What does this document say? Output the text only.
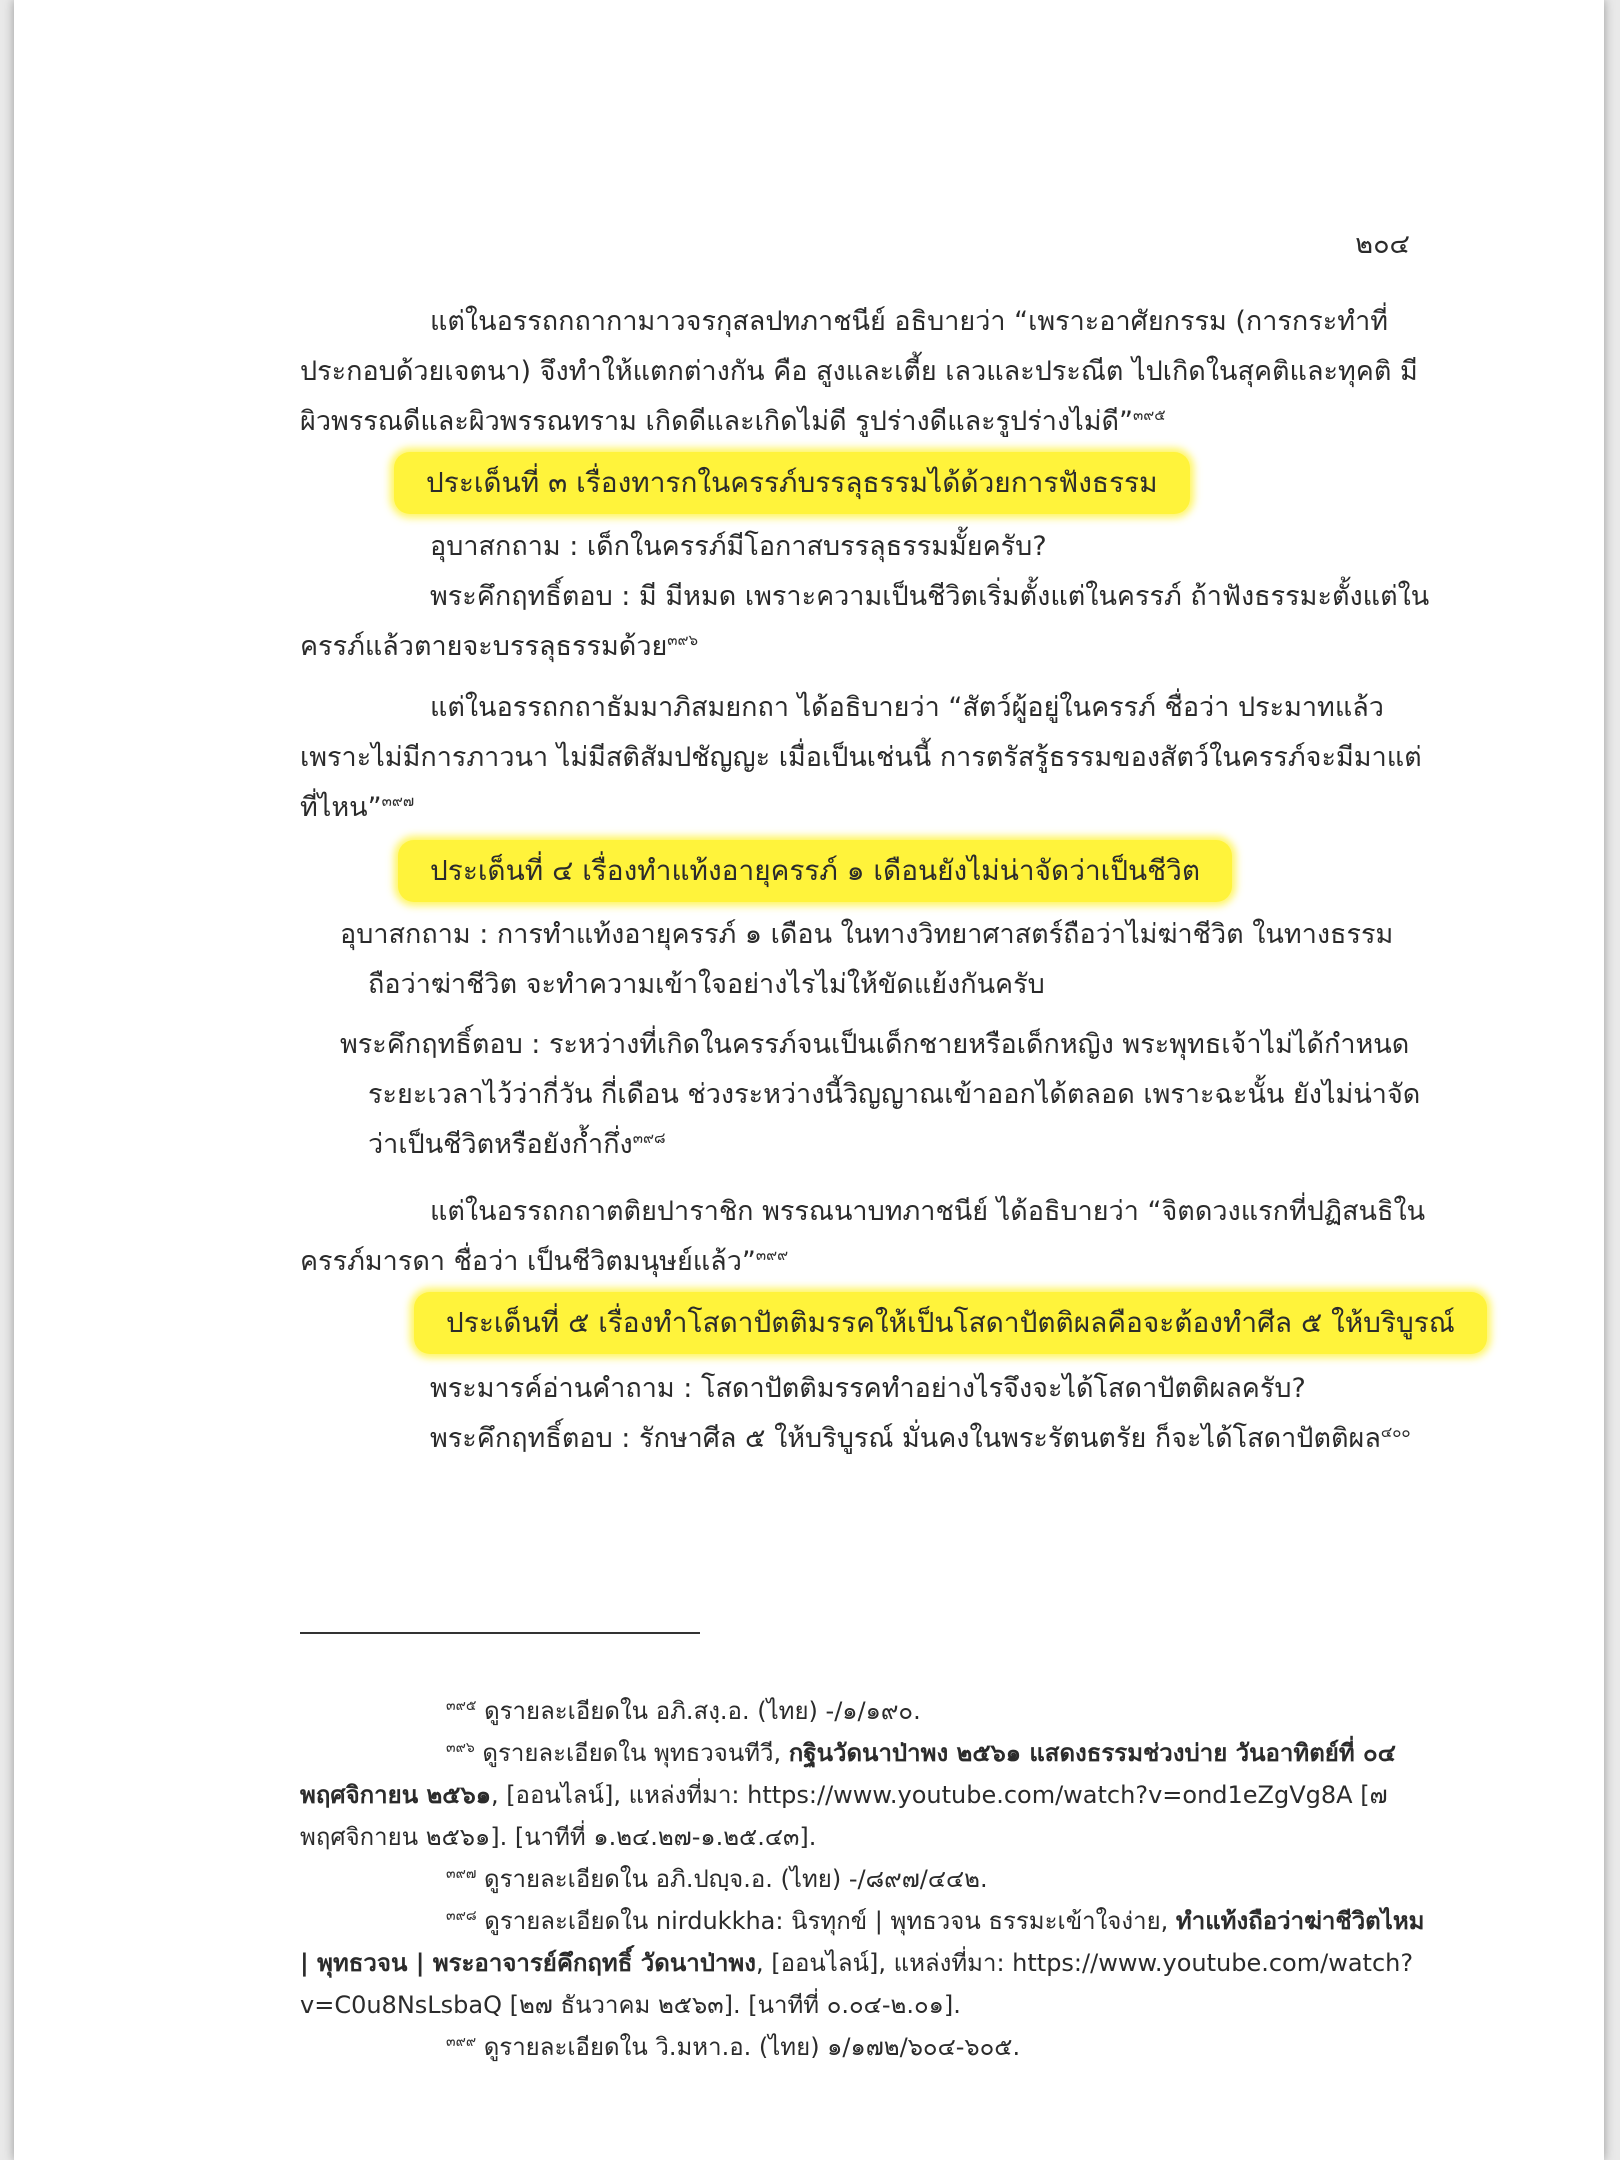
๒๐๔

แต่ในอรรถกถากามาวจรกุสลปทภาชนีย์ อธิบายว่า “เพราะอาศัยกรรม (การกระทำที่ประกอบด้วยเจตนา) จึงทำให้แตกต่างกัน คือ สูงและเตี้ย เลวและประณีต ไปเกิดในสุคติและทุคติ มีผิวพรรณดีและผิวพรรณทราม เกิดดีและเกิดไม่ดี รูปร่างดีและรูปร่างไม่ดี”$^{๓๙๕}$

ประเด็นที่ ๓ เรื่องทารกในครรภ์บรรลุธรรมได้ด้วยการฟังธรรม

อุบาสกถาม : เด็กในครรภ์มีโอกาสบรรลุธรรมมั้ยครับ?

พระคึกฤทธิ์ตอบ : มี มีหมด เพราะความเป็นชีวิตเริ่มตั้งแต่ในครรภ์ ถ้าฟังธรรมะตั้งแต่ในครรภ์แล้วตายจะบรรลุธรรมด้วย$^{๓๙๖}$

แต่ในอรรถกถาธัมมาภิสมยกถา ได้อธิบายว่า “สัตว์ผู้อยู่ในครรภ์ ชื่อว่า ประมาทแล้ว เพราะไม่มีการภาวนา ไม่มีสติสัมปชัญญะ เมื่อเป็นเช่นนี้ การตรัสรู้ธรรมของสัตว์ในครรภ์จะมีมาแต่ที่ไหน”$^{๓๙๗}$

ประเด็นที่ ๔ เรื่องทำแท้งอายุครรภ์ ๑ เดือนยังไม่น่าจัดว่าเป็นชีวิต

อุบาสกถาม : การทำแท้งอายุครรภ์ ๑ เดือน ในทางวิทยาศาสตร์ถือว่าไม่ฆ่าชีวิต ในทางธรรมถือว่าฆ่าชีวิต จะทำความเข้าใจอย่างไรไม่ให้ขัดแย้งกันครับ

พระคึกฤทธิ์ตอบ : ระหว่างที่เกิดในครรภ์จนเป็นเด็กชายหรือเด็กหญิง พระพุทธเจ้าไม่ได้กำหนดระยะเวลาไว้ว่ากี่วัน กี่เดือน ช่วงระหว่างนี้วิญญาณเข้าออกได้ตลอด เพราะฉะนั้น ยังไม่น่าจัดว่าเป็นชีวิตหรือยังก้ำกึ่ง$^{๓๙๘}$

แต่ในอรรถกถาตติยปาราชิก พรรณนาบทภาชนีย์ ได้อธิบายว่า “จิตดวงแรกที่ปฏิสนธิในครรภ์มารดา ชื่อว่า เป็นชีวิตมนุษย์แล้ว”$^{๓๙๙}$

ประเด็นที่ ๕ เรื่องทำโสดาปัตติมรรคให้เป็นโสดาปัตติผลคือจะต้องทำศีล ๕ ให้บริบูรณ์

พระมารค์อ่านคำถาม : โสดาปัตติมรรคทำอย่างไรจึงจะได้โสดาปัตติผลครับ?

พระคึกฤทธิ์ตอบ : รักษาศีล ๕ ให้บริบูรณ์ มั่นคงในพระรัตนตรัย ก็จะได้โสดาปัตติผล$^{๔๐๐}$

$^{๓๙๕}$ ดูรายละเอียดใน อภิ.สงฺ.อ. (ไทย) -/๑/๑๙๐.

$^{๓๙๖}$ ดูรายละเอียดใน พุทธวจนทีวี, กฐินวัดนาป่าพง ๒๕๖๑ แสดงธรรมช่วงบ่าย วันอาทิตย์ที่ ๐๔ พฤศจิกายน ๒๕๖๑, [ออนไลน์], แหล่งที่มา: https://www.youtube.com/watch?v=ond1eZgVg8A [๗ พฤศจิกายน ๒๕๖๑]. [นาทีที่ ๑.๒๔.๒๗-๑.๒๕.๔๓].

$^{๓๙๗}$ ดูรายละเอียดใน อภิ.ปญฺจ.อ. (ไทย) -/๘๙๗/๔๔๒.

$^{๓๙๘}$ ดูรายละเอียดใน nirdukkha: นิรทุกข์ | พุทธวจน ธรรมะเข้าใจง่าย, ทำแท้งถือว่าฆ่าชีวิตไหม | พุทธวจน | พระอาจารย์คึกฤทธิ์ วัดนาป่าพง, [ออนไลน์], แหล่งที่มา: https://www.youtube.com/watch?v=C0u8NsLsbaQ [๒๗ ธันวาคม ๒๕๖๓]. [นาทีที่ ๐.๐๔-๒.๐๑].

$^{๓๙๙}$ ดูรายละเอียดใน วิ.มหา.อ. (ไทย) ๑/๑๗๒/๖๐๔-๖๐๕.
